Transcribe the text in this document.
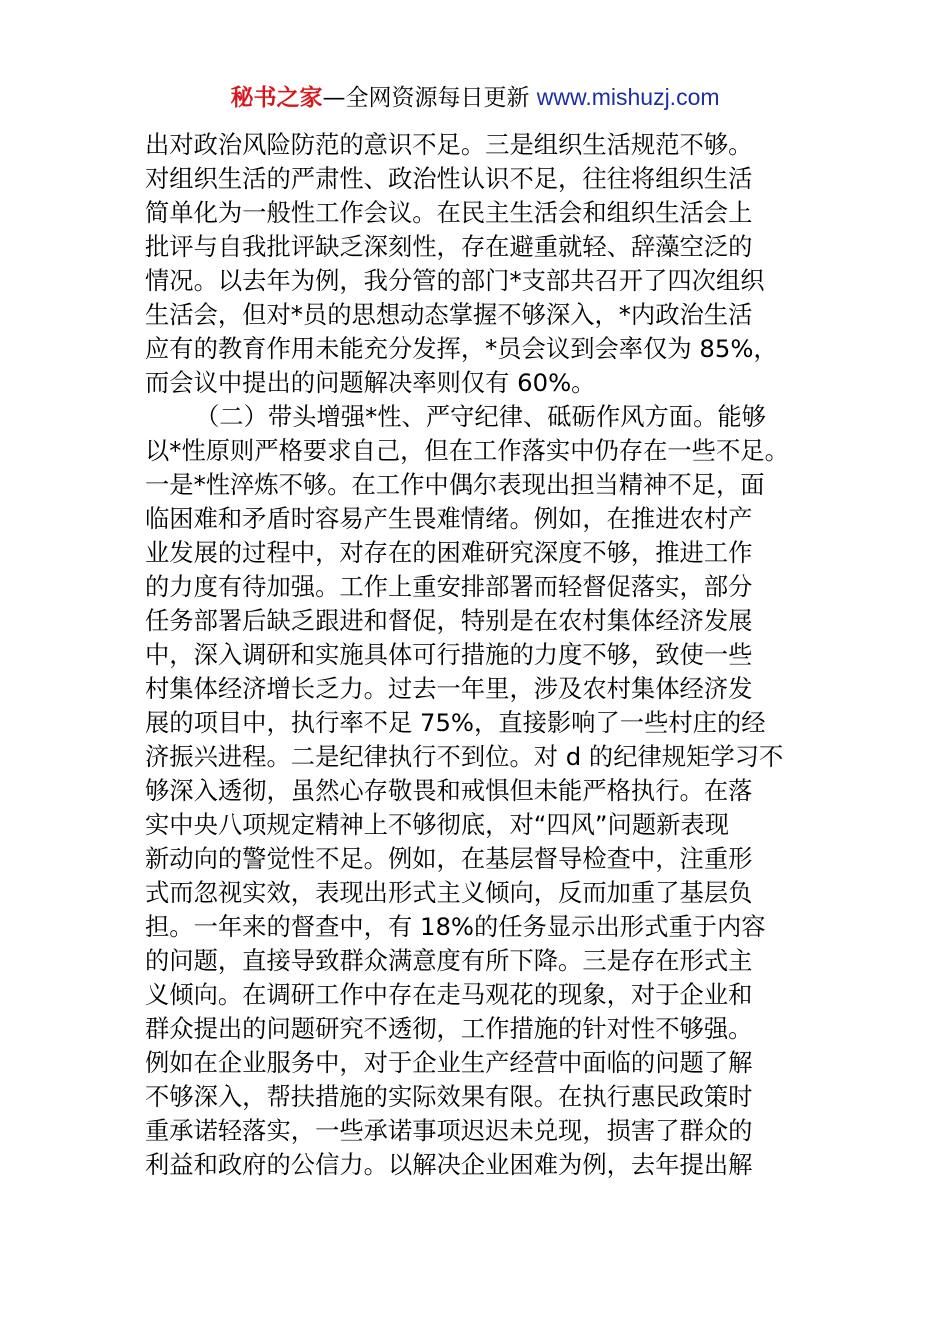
秘书之家—全网资源每日更新 www.mishuzj.com
出对政治风险防范的意识不足。三是组织生活规范不够。
对组织生活的严肃性、政治性认识不足，往往将组织生活
简单化为一般性工作会议。在民主生活会和组织生活会上
批评与自我批评缺乏深刻性，存在避重就轻、辞藻空泛的
情况。以去年为例，我分管的部门*支部共召开了四次组织
生活会，但对*员的思想动态掌握不够深入，*内政治生活
应有的教育作用未能充分发挥，*员会议到会率仅为 85%，
而会议中提出的问题解决率则仅有 60%。
（二）带头增强*性、严守纪律、砥砺作风方面。能够
以*性原则严格要求自己，但在工作落实中仍存在一些不足。
一是*性淬炼不够。在工作中偶尔表现出担当精神不足，面
临困难和矛盾时容易产生畏难情绪。例如，在推进农村产
业发展的过程中，对存在的困难研究深度不够，推进工作
的力度有待加强。工作上重安排部署而轻督促落实，部分
任务部署后缺乏跟进和督促，特别是在农村集体经济发展
中，深入调研和实施具体可行措施的力度不够，致使一些
村集体经济增长乏力。过去一年里，涉及农村集体经济发
展的项目中，执行率不足 75%，直接影响了一些村庄的经
济振兴进程。二是纪律执行不到位。对 d 的纪律规矩学习不
够深入透彻，虽然心存敬畏和戒惧但未能严格执行。在落
实中央八项规定精神上不够彻底，对“四风”问题新表现
新动向的警觉性不足。例如，在基层督导检查中，注重形
式而忽视实效，表现出形式主义倾向，反而加重了基层负
担。一年来的督查中，有 18%的任务显示出形式重于内容
的问题，直接导致群众满意度有所下降。三是存在形式主
义倾向。在调研工作中存在走马观花的现象，对于企业和
群众提出的问题研究不透彻，工作措施的针对性不够强。
例如在企业服务中，对于企业生产经营中面临的问题了解
不够深入，帮扶措施的实际效果有限。在执行惠民政策时
重承诺轻落实，一些承诺事项迟迟未兑现，损害了群众的
利益和政府的公信力。以解决企业困难为例，去年提出解
